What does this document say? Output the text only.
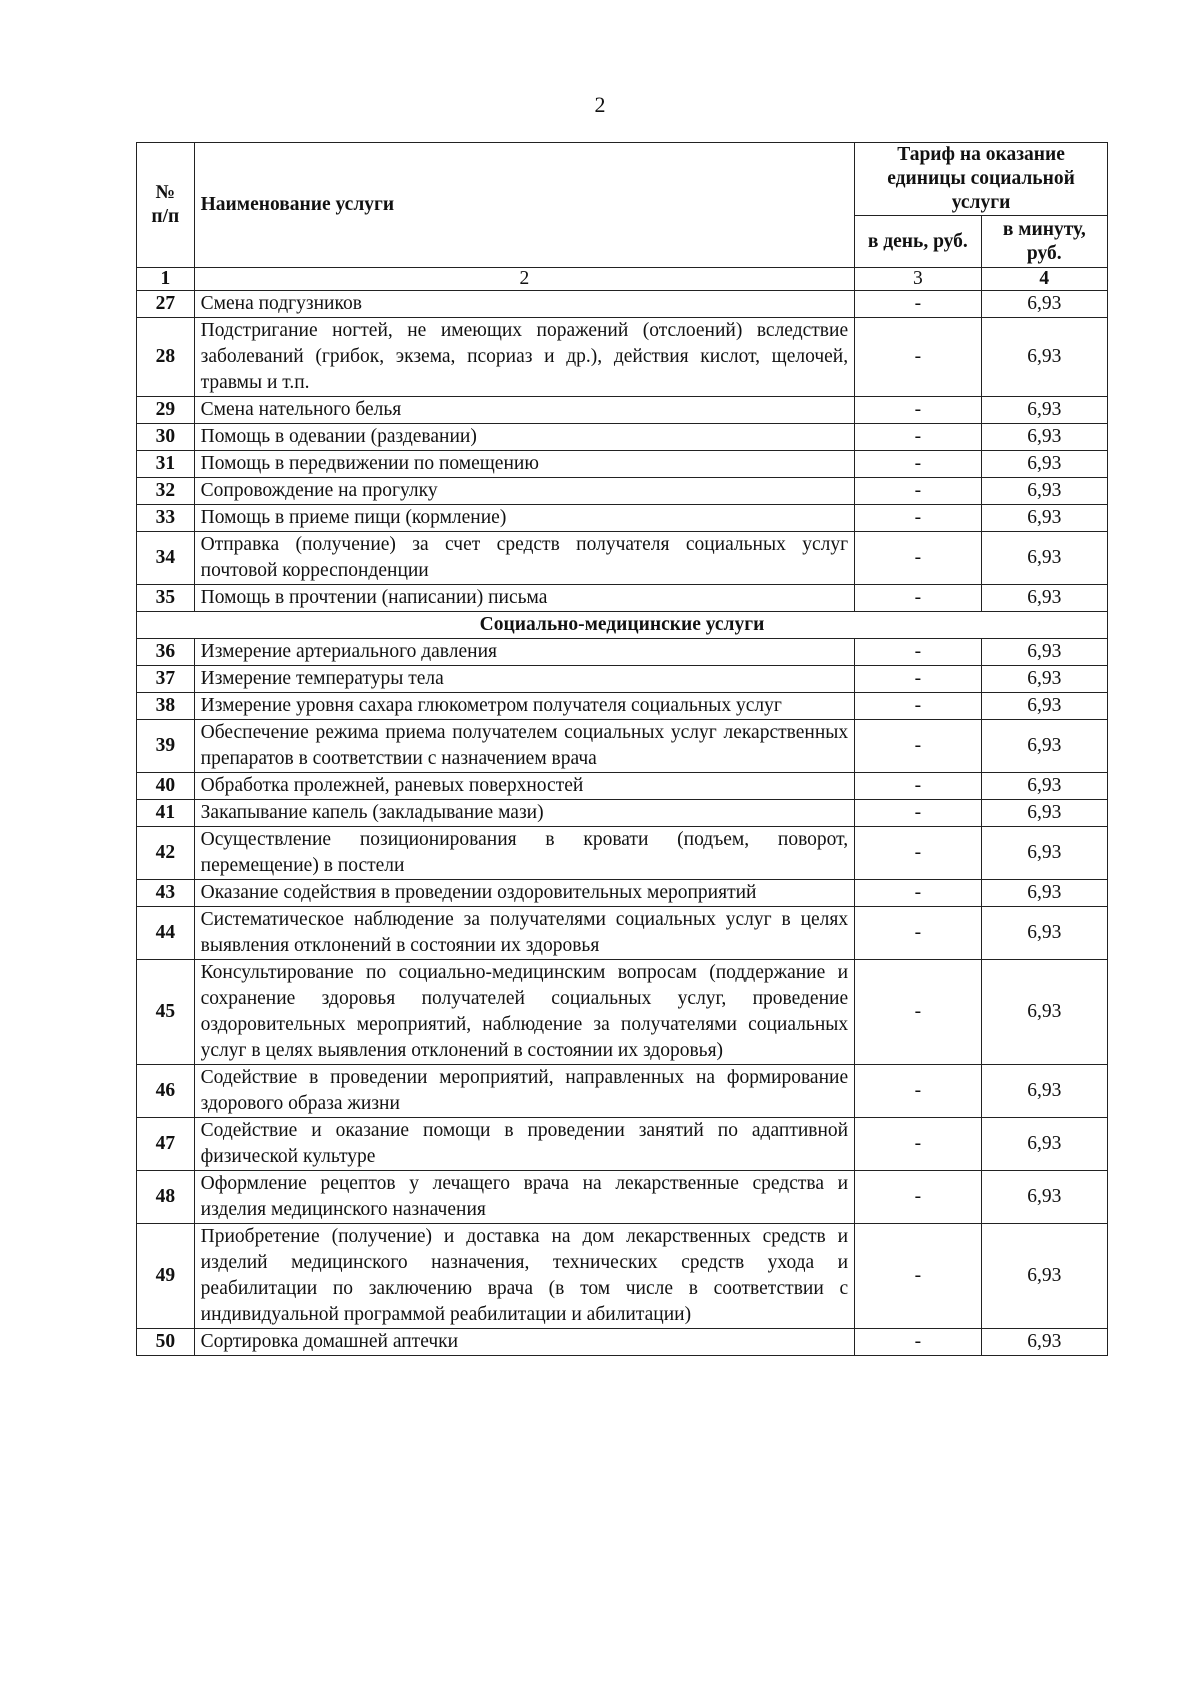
2
№
п/п	Наименование услуги	Тариф на оказание единицы социальной услуги	
		в день, руб.	в минуту, руб.
1	2	3	4
27	Смена подгузников	-	6,93
28	Подстригание ногтей, не имеющих поражений (отслоений) вследствие заболеваний (грибок, экзема, псориаз и др.), действия кислот, щелочей, травмы и т.п.	-	6,93
29	Смена нательного белья	-	6,93
30	Помощь в одевании (раздевании)	-	6,93
31	Помощь в передвижении по помещению	-	6,93
32	Сопровождение на прогулку	-	6,93
33	Помощь в приеме пищи (кормление)	-	6,93
34	Отправка (получение) за счет средств получателя социальных услуг почтовой корреспонденции	-	6,93
35	Помощь в прочтении (написании) письма	-	6,93
Социально-медицинские услуги			
36	Измерение артериального давления	-	6,93
37	Измерение температуры тела	-	6,93
38	Измерение уровня сахара глюкометром получателя социальных услуг	-	6,93
39	Обеспечение режима приема получателем социальных услуг лекарственных препаратов в соответствии с назначением врача	-	6,93
40	Обработка пролежней, раневых поверхностей	-	6,93
41	Закапывание капель (закладывание мази)	-	6,93
42	Осуществление позиционирования в кровати (подъем, поворот, перемещение) в постели	-	6,93
43	Оказание содействия в проведении оздоровительных мероприятий	-	6,93
44	Систематическое наблюдение за получателями социальных услуг в целях выявления отклонений в состоянии их здоровья	-	6,93
45	Консультирование по социально-медицинским вопросам (поддержание и сохранение здоровья получателей социальных услуг, проведение оздоровительных мероприятий, наблюдение за получателями социальных услуг в целях выявления отклонений в состоянии их здоровья)	-	6,93
46	Содействие в проведении мероприятий, направленных на формирование здорового образа жизни	-	6,93
47	Содействие и оказание помощи в проведении занятий по адаптивной физической культуре	-	6,93
48	Оформление рецептов у лечащего врача на лекарственные средства и изделия медицинского назначения	-	6,93
49	Приобретение (получение) и доставка на дом лекарственных средств и изделий медицинского назначения, технических средств ухода и реабилитации по заключению врача (в том числе в соответствии с индивидуальной программой реабилитации и абилитации)	-	6,93
50	Сортировка домашней аптечки	-	6,93
